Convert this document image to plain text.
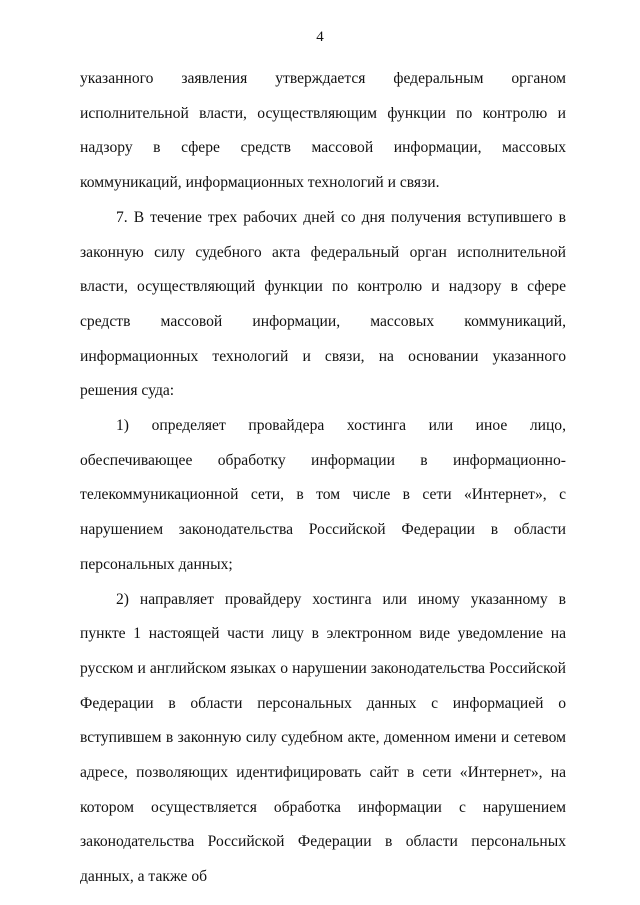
4

указанного заявления утверждается федеральным органом исполнительной власти, осуществляющим функции по контролю и надзору в сфере средств массовой информации, массовых коммуникаций, информационных технологий и связи.

7. В течение трех рабочих дней со дня получения вступившего в законную силу судебного акта федеральный орган исполнительной власти, осуществляющий функции по контролю и надзору в сфере средств массовой информации, массовых коммуникаций, информационных технологий и связи, на основании указанного решения суда:

1) определяет провайдера хостинга или иное лицо, обеспечивающее обработку информации в информационно-телекоммуникационной сети, в том числе в сети «Интернет», с нарушением законодательства Российской Федерации в области персональных данных;

2) направляет провайдеру хостинга или иному указанному в пункте 1 настоящей части лицу в электронном виде уведомление на русском и английском языках о нарушении законодательства Российской Федерации в области персональных данных с информацией о вступившем в законную силу судебном акте, доменном имени и сетевом адресе, позволяющих идентифицировать сайт в сети «Интернет», на котором осуществляется обработка информации с нарушением законодательства Российской Федерации в области персональных данных, а также об
